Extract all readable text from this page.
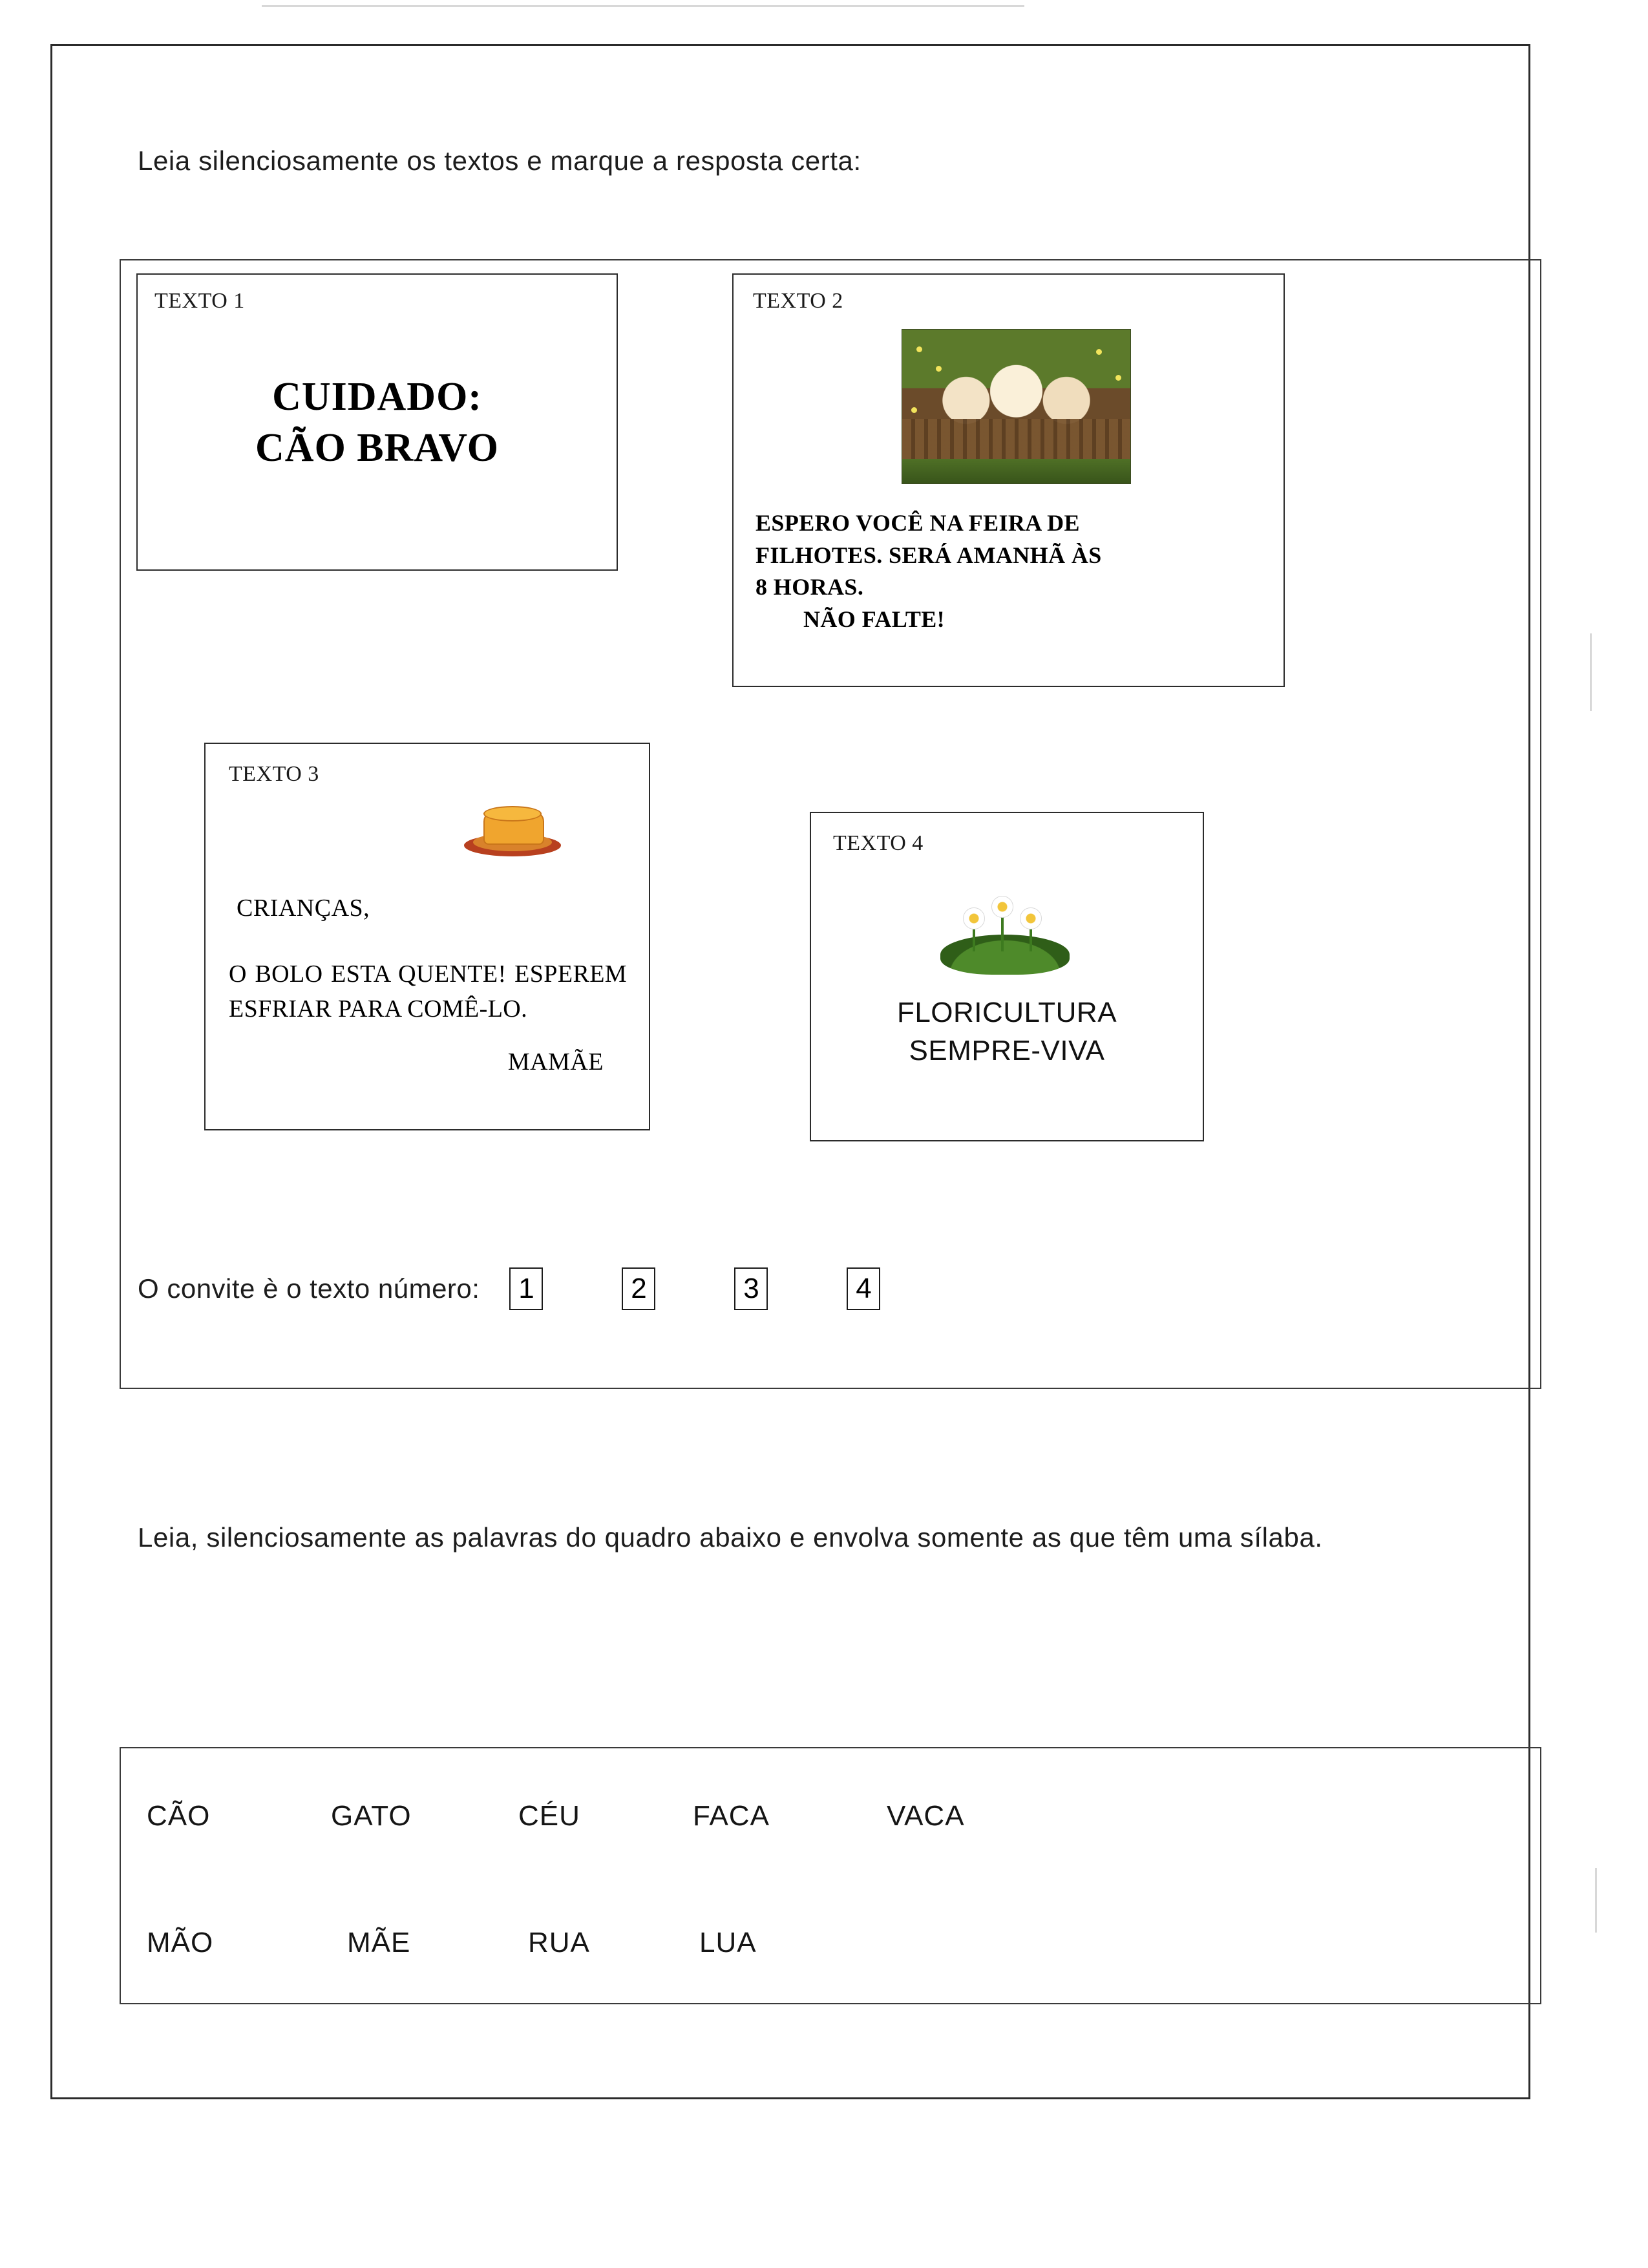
Leia silenciosamente os textos e marque a resposta certa:
TEXTO 1
CUIDADO:
CÃO BRAVO
TEXTO 2
ESPERO VOCÊ NA FEIRA DE
FILHOTES. SERÁ AMANHÃ ÀS
8 HORAS.

NÃO FALTE!
TEXTO 3
CRIANÇAS,
O BOLO ESTA QUENTE! ESPEREM ESFRIAR PARA COMÊ-LO.
MAMÃE
TEXTO 4
FLORICULTURA
SEMPRE-VIVA
O convite è o texto número:	1	2	3	4
Leia, silenciosamente as palavras do quadro abaixo e envolva somente as que têm uma sílaba.
CÃO	GATO	CÉU	FACA	VACA
MÃO	MÃE	RUA	LUA
